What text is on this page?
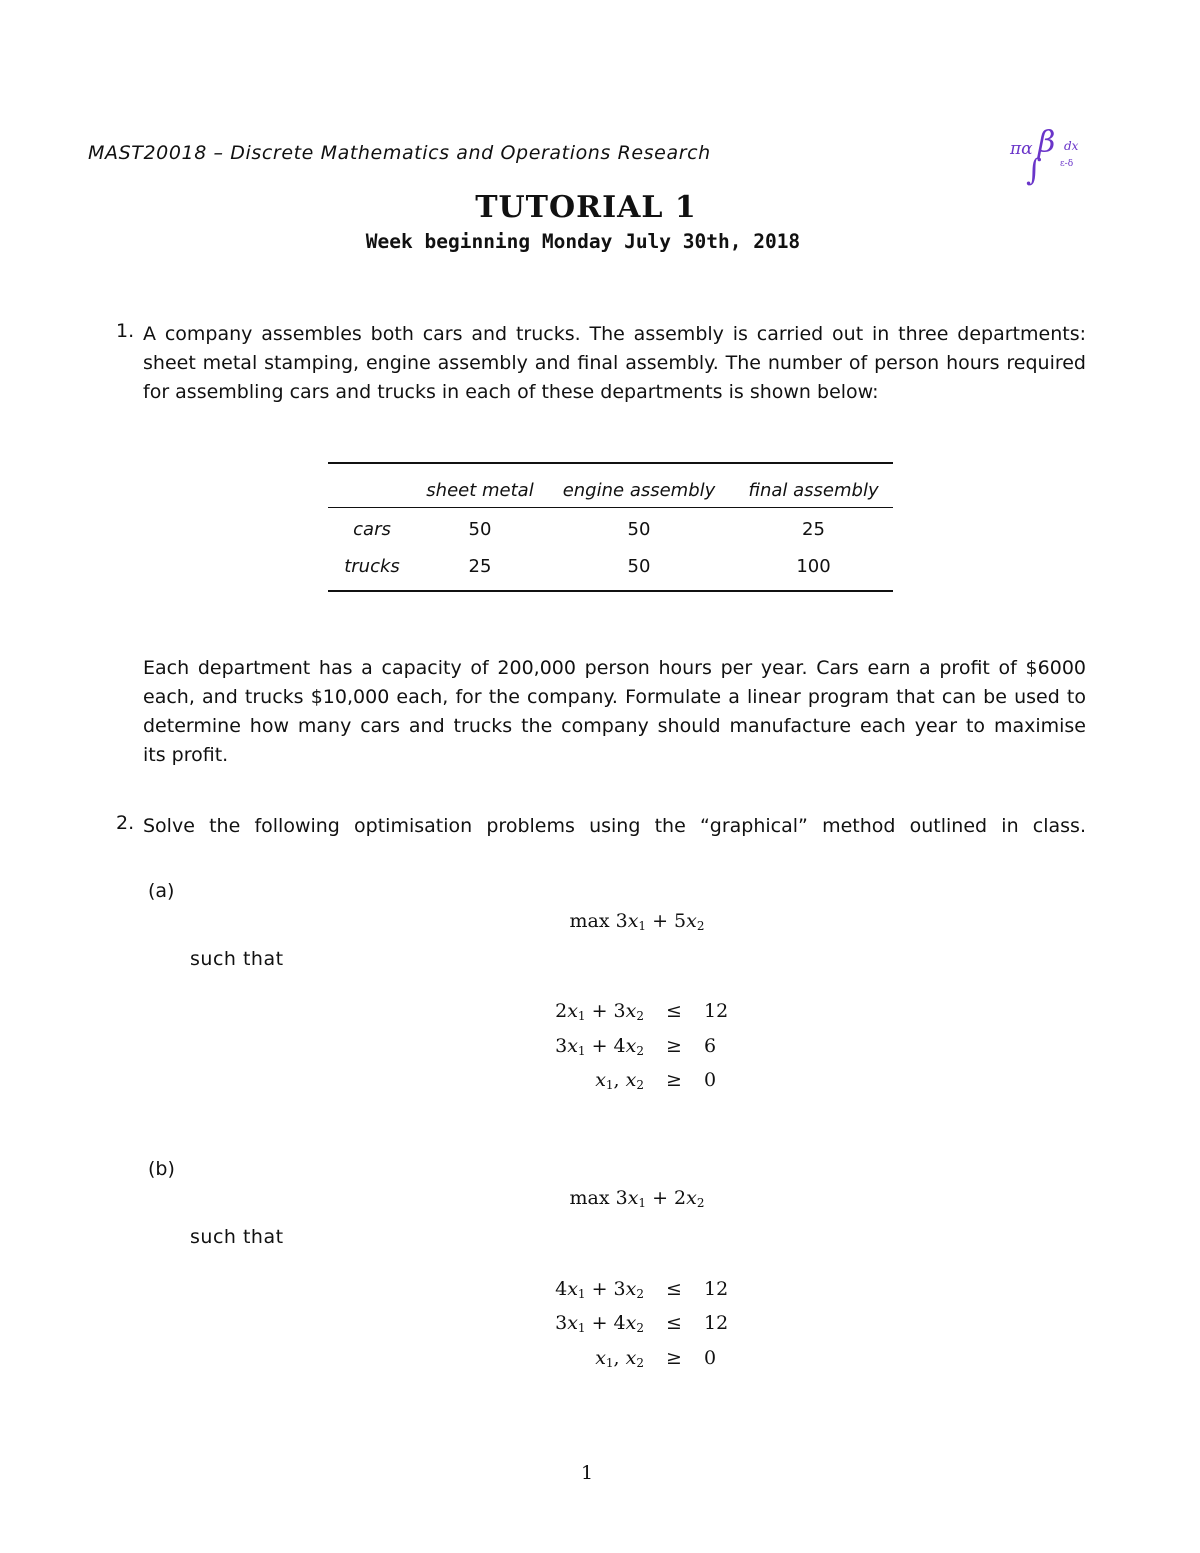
MAST20018 – Discrete Mathematics and Operations Research	πα β dx
ε-δ
∫
TUTORIAL 1
Week beginning Monday July 30th, 2018
1. A company assembles both cars and trucks. The assembly is carried out in three departments:
sheet metal stamping, engine assembly and final assembly. The number of person hours required
for assembling cars and trucks in each of these departments is shown below:
	sheet metal	engine assembly	final assembly
cars	50	50	25
trucks	25	50	100
Each department has a capacity of 200,000 person hours per year. Cars earn a profit of $6000
each, and trucks $10,000 each, for the company. Formulate a linear program that can be used to
determine how many cars and trucks the company should manufacture each year to maximise
its profit.
2. Solve the following optimisation problems using the “graphical” method outlined in class.
(a)
$\max 3x_1 + 5x_2$
such that
$2x_1 + 3x_2 \le 12$
$3x_1 + 4x_2 \ge 6$
$x_1$, $x_2 \ge 0$
(b)
$\max 3x_1 + 2x_2$
such that
$4x_1 + 3x_2 \le 12$
$3x_1 + 4x_2 \le 12$
$x_1$, $x_2 \ge 0$
1
